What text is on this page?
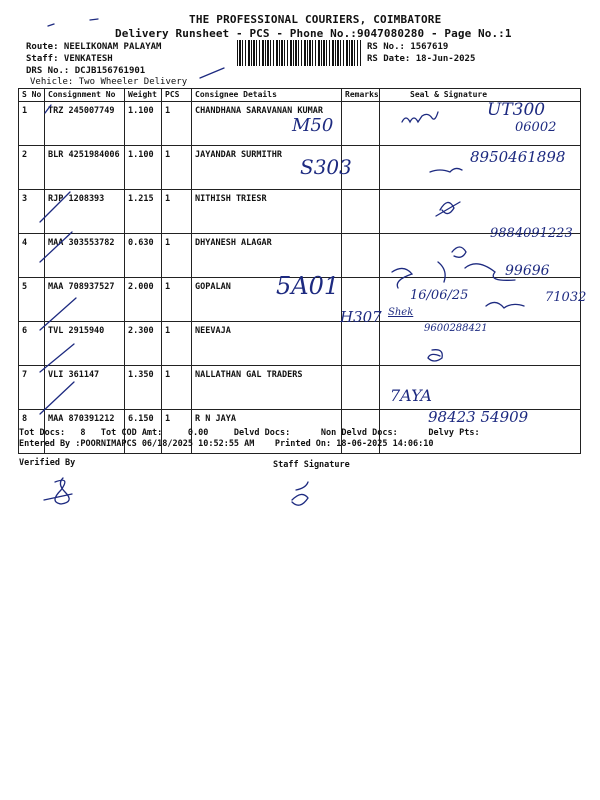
THE PROFESSIONAL COURIERS, COIMBATORE
Delivery Runsheet - PCS - Phone No.:9047080280 - Page No.:1
Route: NEELIKONAM PALAYAM
Staff: VENKATESH
DRS No.: DCJB156761901
Vehicle: Two Wheeler Delivery
RS No.: 1567619
RS Date: 18-Jun-2025
S No	Consignment No	Weight	PCS	Consignee Details	Remarks	Seal & Signature
1	TRZ 245007749	1.100	1	CHANDHANA SARAVANAN KUMAR		
2	BLR 4251984006	1.100	1	JAYANDAR SURMITHR		
3	RJP 1208393	1.215	1	NITHISH TRIESR		
4	MAA 303553782	0.630	1	DHYANESH ALAGAR		
5	MAA 708937527	2.000	1	GOPALAN		
6	TVL 2915940	2.300	1	NEEVAJA		
7	VLI 361147	1.350	1	NALLATHAN GAL TRADERS		
8	MAA 870391212	6.150	1	R N JAYA		
UT300
06002
M50
8950461898
S303
9884091223
5A01
99696
16/06/25	71032
H307 Shek
9600288421
7AYA
98423 54909
Tot Docs:   8   Tot COD Amt:     0.00     Delvd Docs:      Non Delvd Docs:      Delvy Pts:
Entered By :POORNIMAPCS 06/18/2025 10:52:55 AM    Printed On: 18-06-2025 14:06:10
Verified By	Staff Signature
